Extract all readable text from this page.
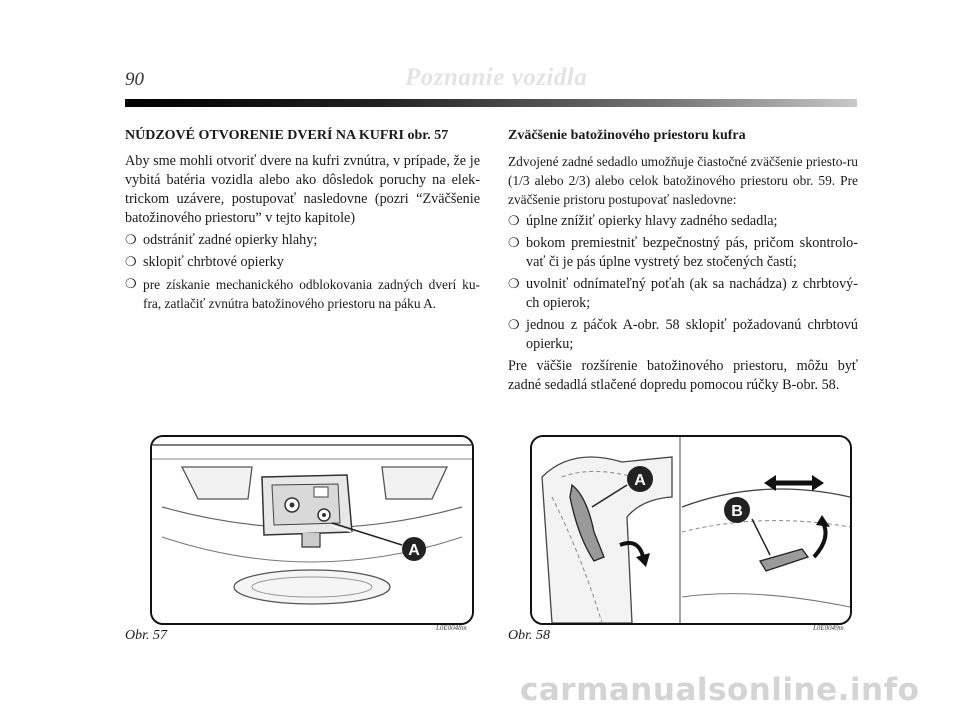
90	Poznanie vozidla
NÚDZOVÉ OTVORENIE DVERÍ NA KUFRI obr. 57

Aby sme mohli otvoriť dvere na kufri zvnútra, v prípade, že je vybitá batéria vozidla alebo ako dôsledok poruchy na elek-trickom uzávere, postupovať nasledovne (pozri “Zväčšenie batožinového priestoru” v tejto kapitole)

❍ odstrániť zadné opierky hlahy;
❍ sklopiť chrbtové opierky
❍ pre získanie mechanického odblokovania zadných dverí ku-fra, zatlačiť zvnútra batožinového priestoru na páku A.
Zväčšenie batožinového priestoru kufra

Zdvojené zadné sedadlo umožňuje čiastočné zväčšenie priesto-ru (1/3 alebo 2/3) alebo celok batožinového priestoru obr. 59. Pre zväčšenie pristoru postupovať nasledovne:

❍ úplne znížiť opierky hlavy zadného sedadla;
❍ bokom premiestniť bezpečnostný pás, pričom skontrolo-vať či je pás úplne vystretý bez stočených častí;
❍ uvolniť odnímateľný poťah (ak sa nachádza) z chrbtový-ch opierok;
❍ jednou z páčok A-obr. 58 sklopiť požadovanú chrbtovú opierku;

Pre väčšie rozšírenie batožinového priestoru, môžu byť zadné sedadlá stlačené dopredu pomocou rúčky B-obr. 58.

A
A
B
Obr. 57	L0E0048m	Obr. 58	L0E0049m
carmanualsonline.info
